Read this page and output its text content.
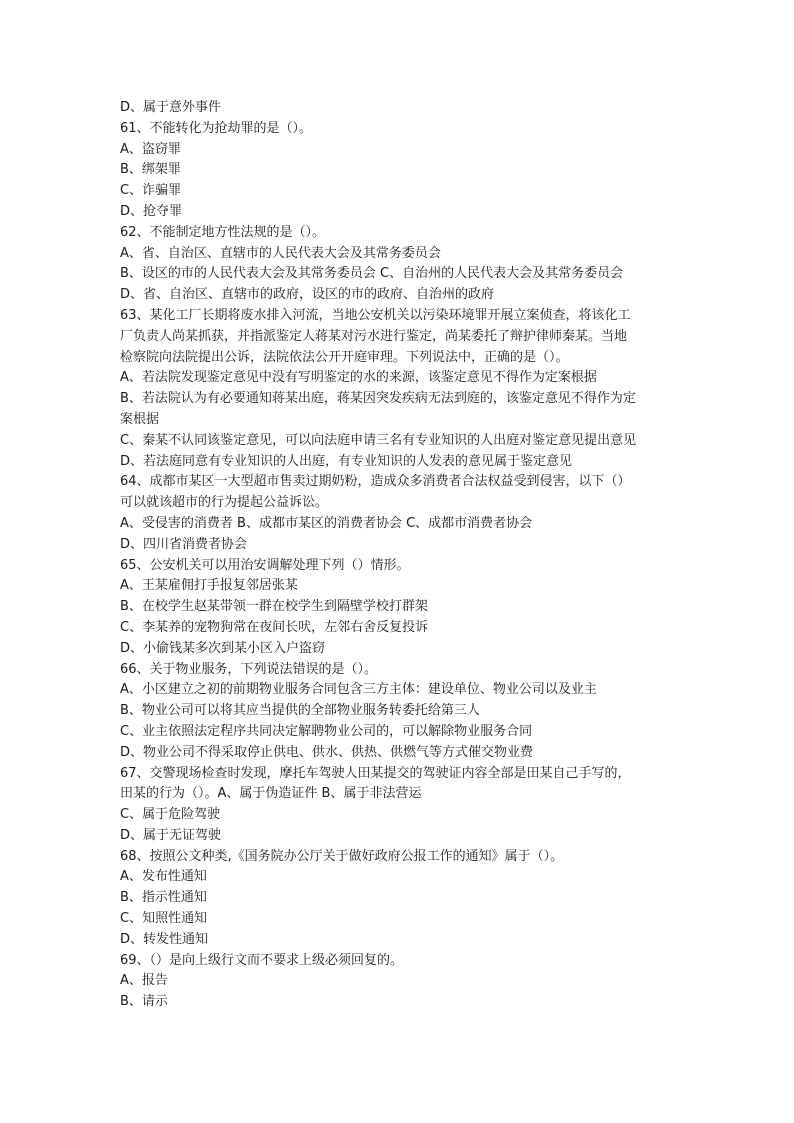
D、属于意外事件
61、不能转化为抢劫罪的是（）。
A、盗窃罪
B、绑架罪
C、诈骗罪
D、抢夺罪
62、不能制定地方性法规的是（）。
A、省、自治区、直辖市的人民代表大会及其常务委员会
B、设区的市的人民代表大会及其常务委员会 C、自治州的人民代表大会及其常务委员会
D、省、自治区、直辖市的政府，设区的市的政府、自治州的政府
63、某化工厂长期将废水排入河流，当地公安机关以污染环境罪开展立案侦查，将该化工
厂负责人尚某抓获，并指派鉴定人蒋某对污水进行鉴定，尚某委托了辩护律师秦某。当地
检察院向法院提出公诉，法院依法公开开庭审理。下列说法中，正确的是（）。
A、若法院发现鉴定意见中没有写明鉴定的水的来源，该鉴定意见不得作为定案根据
B、若法院认为有必要通知蒋某出庭，蒋某因突发疾病无法到庭的，该鉴定意见不得作为定
案根据
C、秦某不认同该鉴定意见，可以向法庭申请三名有专业知识的人出庭对鉴定意见提出意见
D、若法庭同意有专业知识的人出庭，有专业知识的人发表的意见属于鉴定意见
64、成都市某区一大型超市售卖过期奶粉，造成众多消费者合法权益受到侵害，以下（）
可以就该超市的行为提起公益诉讼。
A、受侵害的消费者 B、成都市某区的消费者协会 C、成都市消费者协会
D、四川省消费者协会
65、公安机关可以用治安调解处理下列（）情形。
A、王某雇佣打手报复邻居张某
B、在校学生赵某带领一群在校学生到隔壁学校打群架
C、李某养的宠物狗常在夜间长吠，左邻右舍反复投诉
D、小偷钱某多次到某小区入户盗窃
66、关于物业服务，下列说法错误的是（）。
A、小区建立之初的前期物业服务合同包含三方主体：建设单位、物业公司以及业主
B、物业公司可以将其应当提供的全部物业服务转委托给第三人
C、业主依照法定程序共同决定解聘物业公司的，可以解除物业服务合同
D、物业公司不得采取停止供电、供水、供热、供燃气等方式催交物业费
67、交警现场检查时发现，摩托车驾驶人田某提交的驾驶证内容全部是田某自己手写的，
田某的行为（）。A、属于伪造证件 B、属于非法营运
C、属于危险驾驶
D、属于无证驾驶
68、按照公文种类,《国务院办公厅关于做好政府公报工作的通知》属于（）。
A、发布性通知
B、指示性通知
C、知照性通知
D、转发性通知
69、（）是向上级行文而不要求上级必须回复的。
A、报告
B、请示
